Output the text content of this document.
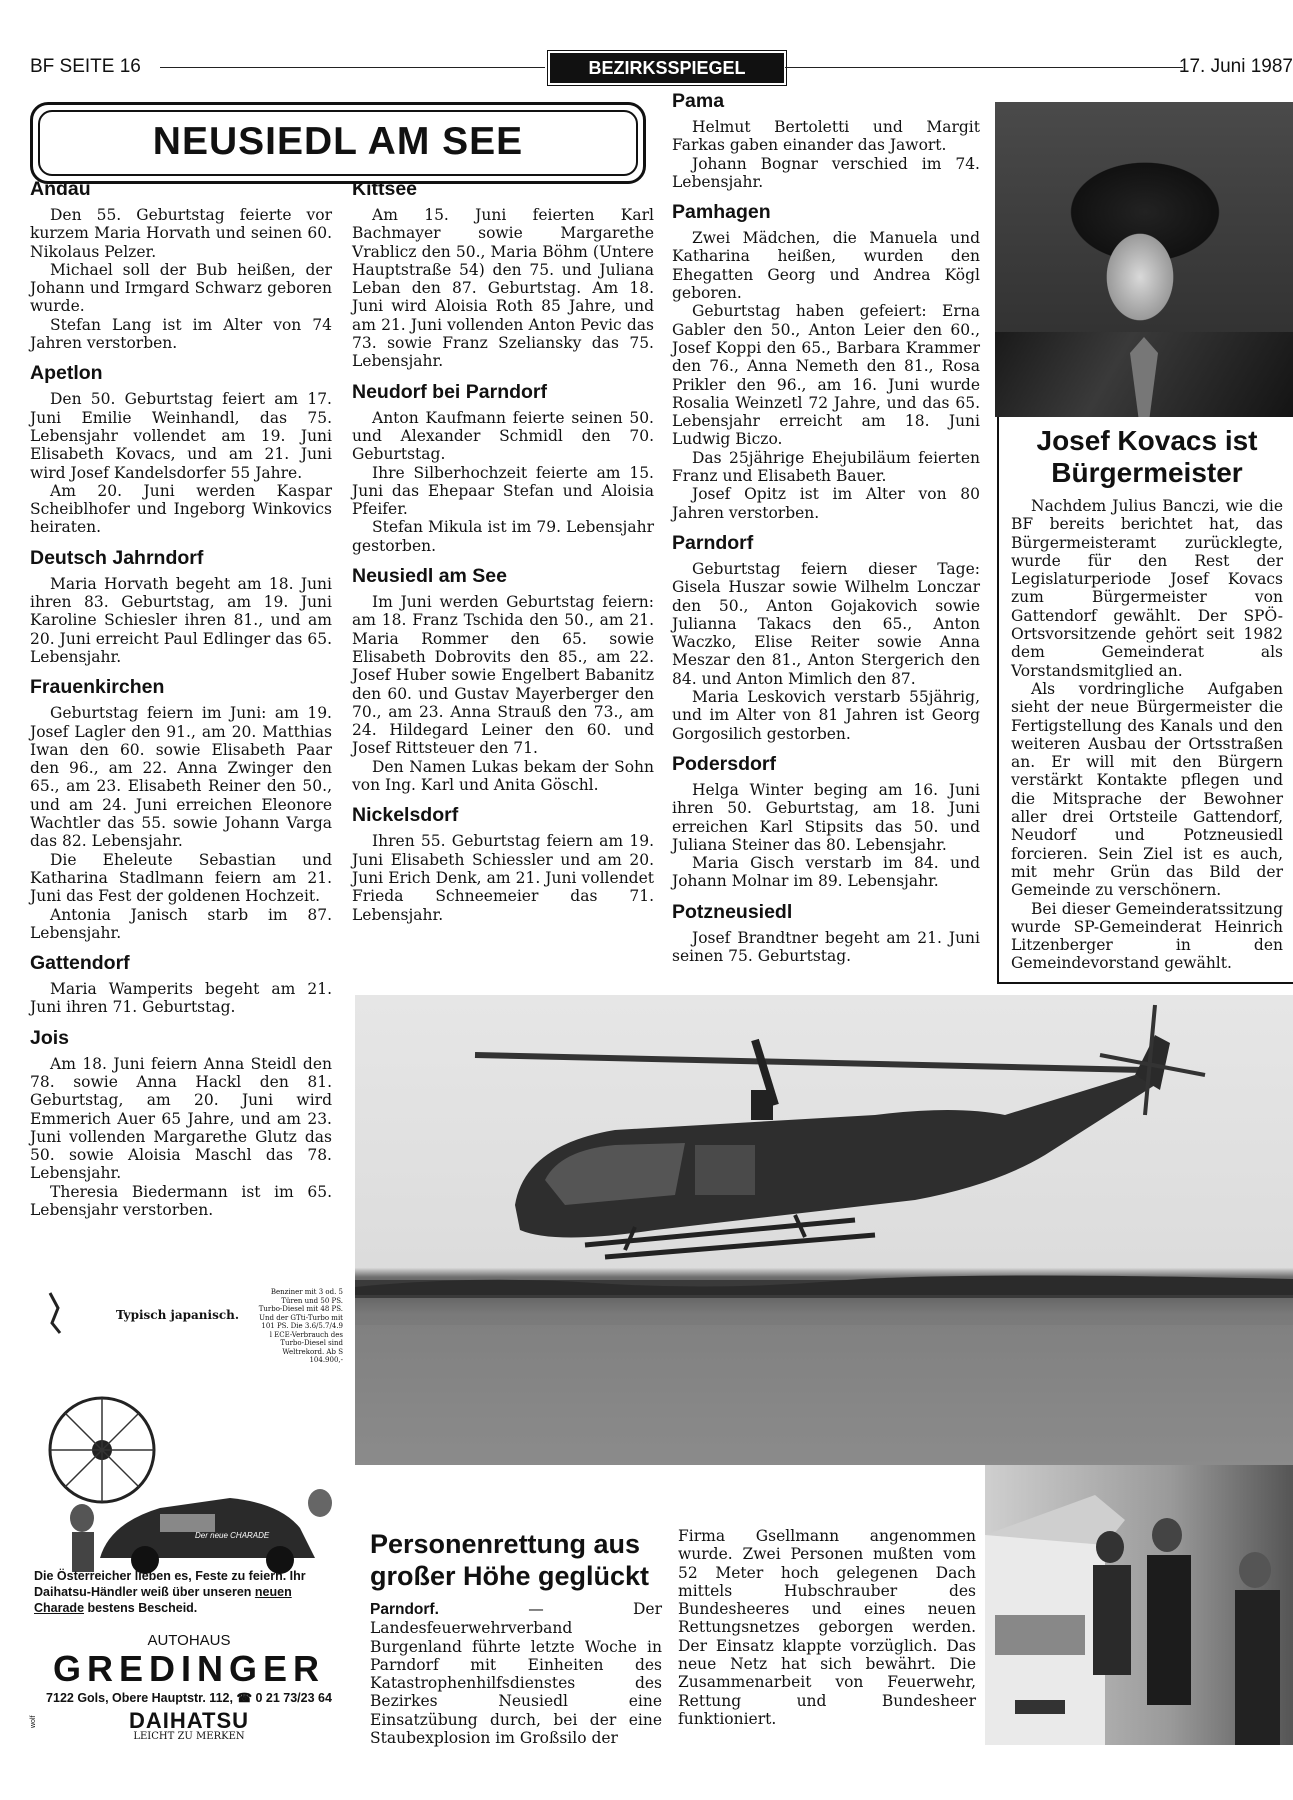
BF SEITE 16	BEZIRKSSPIEGEL	17. Juni 1987
NEUSIEDL AM SEE
Andau

Den 55. Geburtstag feierte vor kurzem Maria Horvath und seinen 60. Nikolaus Pelzer.

Michael soll der Bub heißen, der Johann und Irmgard Schwarz geboren wurde.

Stefan Lang ist im Alter von 74 Jahren verstorben.

Apetlon

Den 50. Geburtstag feiert am 17. Juni Emilie Weinhandl, das 75. Lebensjahr vollendet am 19. Juni Elisabeth Kovacs, und am 21. Juni wird Josef Kandelsdorfer 55 Jahre.

Am 20. Juni werden Kaspar Scheiblhofer und Ingeborg Winkovics heiraten.

Deutsch Jahrndorf

Maria Horvath begeht am 18. Juni ihren 83. Geburtstag, am 19. Juni Karoline Schiesler ihren 81., und am 20. Juni erreicht Paul Edlinger das 65. Lebensjahr.

Frauenkirchen

Geburtstag feiern im Juni: am 19. Josef Lagler den 91., am 20. Matthias Iwan den 60. sowie Elisabeth Paar den 96., am 22. Anna Zwinger den 65., am 23. Elisabeth Reiner den 50., und am 24. Juni erreichen Eleonore Wachtler das 55. sowie Johann Varga das 82. Lebensjahr.

Die Eheleute Sebastian und Katharina Stadlmann feiern am 21. Juni das Fest der goldenen Hochzeit.

Antonia Janisch starb im 87. Lebensjahr.

Gattendorf

Maria Wamperits begeht am 21. Juni ihren 71. Geburtstag.

Jois

Am 18. Juni feiern Anna Steidl den 78. sowie Anna Hackl den 81. Geburtstag, am 20. Juni wird Emmerich Auer 65 Jahre, und am 23. Juni vollenden Margarethe Glutz das 50. sowie Aloisia Maschl das 78. Lebensjahr.

Theresia Biedermann ist im 65. Lebensjahr verstorben.

Kittsee

Am 15. Juni feierten Karl Bachmayer sowie Margarethe Vrablicz den 50., Maria Böhm (Untere Hauptstraße 54) den 75. und Juliana Leban den 87. Geburtstag. Am 18. Juni wird Aloisia Roth 85 Jahre, und am 21. Juni vollenden Anton Pevic das 73. sowie Franz Szeliansky das 75. Lebensjahr.

Neudorf bei Parndorf

Anton Kaufmann feierte seinen 50. und Alexander Schmidl den 70. Geburtstag.

Ihre Silberhochzeit feierte am 15. Juni das Ehepaar Stefan und Aloisia Pfeifer.

Stefan Mikula ist im 79. Lebensjahr gestorben.

Neusiedl am See

Im Juni werden Geburtstag feiern: am 18. Franz Tschida den 50., am 21. Maria Rommer den 65. sowie Elisabeth Dobrovits den 85., am 22. Josef Huber sowie Engelbert Babanitz den 60. und Gustav Mayerberger den 70., am 23. Anna Strauß den 73., am 24. Hildegard Leiner den 60. und Josef Rittsteuer den 71.

Den Namen Lukas bekam der Sohn von Ing. Karl und Anita Göschl.

Nickelsdorf

Ihren 55. Geburtstag feiern am 19. Juni Elisabeth Schiessler und am 20. Juni Erich Denk, am 21. Juni vollendet Frieda Schneemeier das 71. Lebensjahr.

Pama

Helmut Bertoletti und Margit Farkas gaben einander das Jawort.

Johann Bognar verschied im 74. Lebensjahr.

Pamhagen

Zwei Mädchen, die Manuela und Katharina heißen, wurden den Ehegatten Georg und Andrea Kögl geboren.

Geburtstag haben gefeiert: Erna Gabler den 50., Anton Leier den 60., Josef Koppi den 65., Barbara Krammer den 76., Anna Nemeth den 81., Rosa Prikler den 96., am 16. Juni wurde Rosalia Weinzetl 72 Jahre, und das 65. Lebensjahr erreicht am 18. Juni Ludwig Biczo.

Das 25jährige Ehejubiläum feierten Franz und Elisabeth Bauer.

Josef Opitz ist im Alter von 80 Jahren verstorben.

Parndorf

Geburtstag feiern dieser Tage: Gisela Huszar sowie Wilhelm Lonczar den 50., Anton Gojakovich sowie Julianna Takacs den 65., Anton Waczko, Elise Reiter sowie Anna Meszar den 81., Anton Stergerich den 84. und Anton Mimlich den 87.

Maria Leskovich verstarb 55jährig, und im Alter von 81 Jahren ist Georg Gorgosilich gestorben.

Podersdorf

Helga Winter beging am 16. Juni ihren 50. Geburtstag, am 18. Juni erreichen Karl Stipsits das 50. und Juliana Steiner das 80. Lebensjahr.

Maria Gisch verstarb im 84. und Johann Molnar im 89. Lebensjahr.

Potzneusiedl

Josef Brandtner begeht am 21. Juni seinen 75. Geburtstag.

Josef Kovacs ist Bürgermeister

Nachdem Julius Banczi, wie die BF bereits berichtet hat, das Bürgermeisteramt zurücklegte, wurde für den Rest der Legislaturperiode Josef Kovacs zum Bürgermeister von Gattendorf gewählt. Der SPÖ-Ortsvorsitzende gehört seit 1982 dem Gemeinderat als Vorstandsmitglied an.

Als vordringliche Aufgaben sieht der neue Bürgermeister die Fertigstellung des Kanals und den weiteren Ausbau der Ortsstraßen an. Er will mit den Bürgern verstärkt Kontakte pflegen und die Mitsprache der Bewohner aller drei Ortsteile Gattendorf, Neudorf und Potzneusiedl forcieren. Sein Ziel ist es auch, mit mehr Grün das Bild der Gemeinde zu verschönern.

Bei dieser Gemeinderatssitzung wurde SP-Gemeinderat Heinrich Litzenberger in den Gemeindevorstand gewählt.

Personenrettung aus großer Höhe geglückt

Parndorf. — Der Landesfeuerwehrverband Burgenland führte letzte Woche in Parndorf mit Einheiten des Katastrophenhilfsdienstes des Bezirkes Neusiedl eine Einsatzübung durch, bei der eine Staubexplosion im Großsilo der

Firma Gsellmann angenommen wurde. Zwei Personen mußten vom 52 Meter hoch gelegenen Dach mittels Hubschrauber des Bundesheeres und eines neuen Rettungsnetzes geborgen werden. Der Einsatz klappte vorzüglich. Das neue Netz hat sich bewährt. Die Zusammenarbeit von Feuerwehr, Rettung und Bundesheer funktioniert.

Typisch japanisch.
Benziner mit 3 od. 5 Türen und 50 PS. Turbo-Diesel mit 48 PS. Und der GTti-Turbo mit 101 PS. Die 3.6/5.7/4.9 l ECE-Verbrauch des Turbo-Diesel sind Weltrekord. Ab S 104.900,-
Der neue CHARADE
Die Österreicher lieben es, Feste zu feiern. Ihr Daihatsu-Händler weiß über unseren neuen Charade bestens Bescheid.
AUTOHAUS
GREDINGER
7122 Gols, Obere Hauptstr. 112, ☎ 0 21 73/23 64
DAIHATSU
LEICHT ZU MERKEN
wolf
